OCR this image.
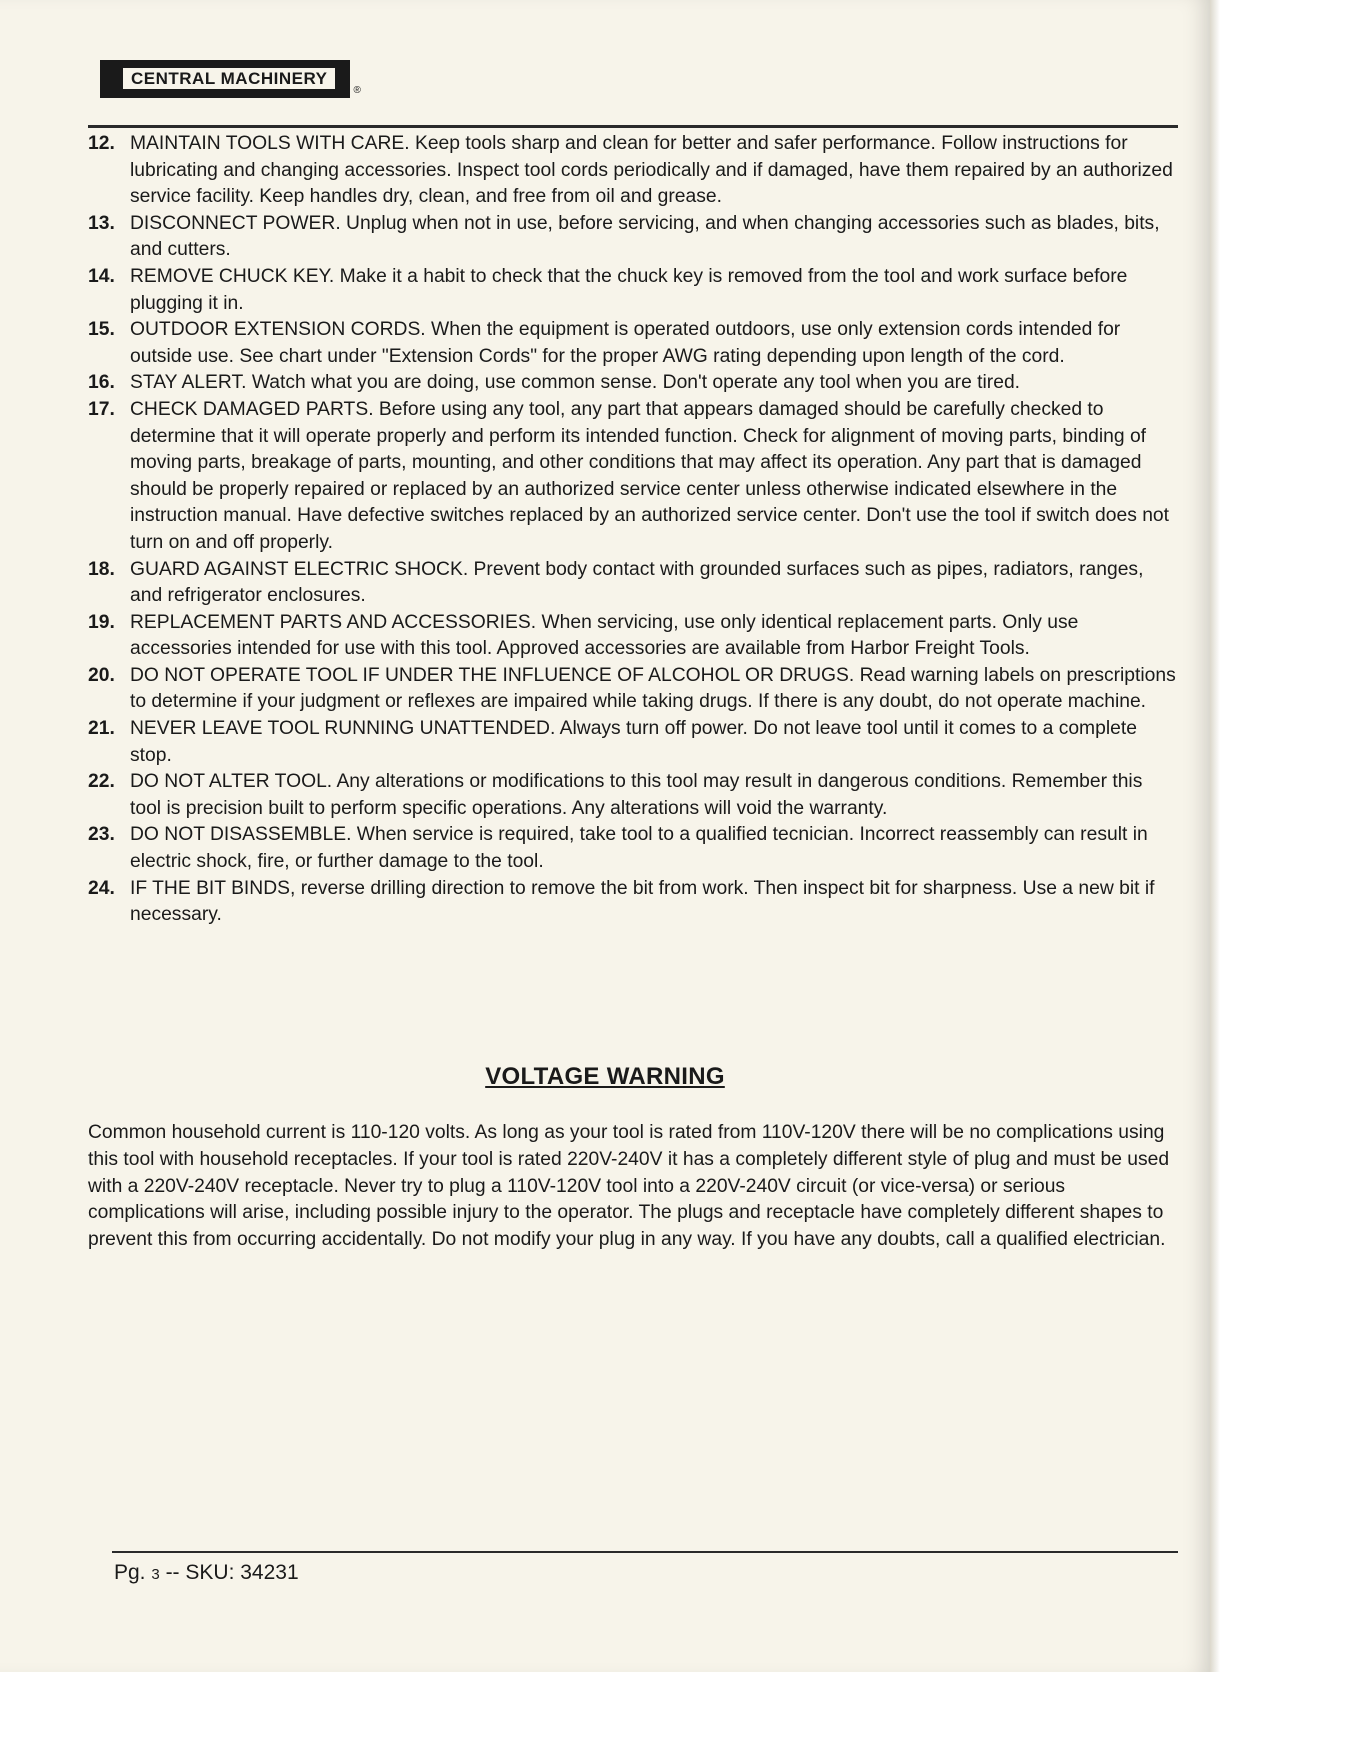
CENTRAL MACHINERY
®
12. MAINTAIN TOOLS WITH CARE. Keep tools sharp and clean for better and safer performance. Follow instructions for lubricating and changing accessories. Inspect tool cords periodically and if damaged, have them repaired by an authorized service facility. Keep handles dry, clean, and free from oil and grease.
13. DISCONNECT POWER. Unplug when not in use, before servicing, and when changing accessories such as blades, bits, and cutters.
14. REMOVE CHUCK KEY. Make it a habit to check that the chuck key is removed from the tool and work surface before plugging it in.
15. OUTDOOR EXTENSION CORDS. When the equipment is operated outdoors, use only extension cords intended for outside use. See chart under "Extension Cords" for the proper AWG rating depending upon length of the cord.
16. STAY ALERT. Watch what you are doing, use common sense. Don't operate any tool when you are tired.
17. CHECK DAMAGED PARTS. Before using any tool, any part that appears damaged should be carefully checked to determine that it will operate properly and perform its intended function. Check for alignment of moving parts, binding of moving parts, breakage of parts, mounting, and other conditions that may affect its operation. Any part that is damaged should be properly repaired or replaced by an authorized service center unless otherwise indicated elsewhere in the instruction manual. Have defective switches replaced by an authorized service center. Don't use the tool if switch does not turn on and off properly.
18. GUARD AGAINST ELECTRIC SHOCK. Prevent body contact with grounded surfaces such as pipes, radiators, ranges, and refrigerator enclosures.
19. REPLACEMENT PARTS AND ACCESSORIES. When servicing, use only identical replacement parts. Only use accessories intended for use with this tool. Approved accessories are available from Harbor Freight Tools.
20. DO NOT OPERATE TOOL IF UNDER THE INFLUENCE OF ALCOHOL OR DRUGS. Read warning labels on prescriptions to determine if your judgment or reflexes are impaired while taking drugs. If there is any doubt, do not operate machine.
21. NEVER LEAVE TOOL RUNNING UNATTENDED. Always turn off power. Do not leave tool until it comes to a complete stop.
22. DO NOT ALTER TOOL. Any alterations or modifications to this tool may result in dangerous conditions. Remember this tool is precision built to perform specific operations. Any alterations will void the warranty.
23. DO NOT DISASSEMBLE. When service is required, take tool to a qualified tecnician. Incorrect reassembly can result in electric shock, fire, or further damage to the tool.
24. IF THE BIT BINDS, reverse drilling direction to remove the bit from work. Then inspect bit for sharpness. Use a new bit if necessary.
VOLTAGE WARNING

Common household current is 110-120 volts. As long as your tool is rated from 110V-120V there will be no complications using this tool with household receptacles. If your tool is rated 220V-240V it has a completely different style of plug and must be used with a 220V-240V receptacle. Never try to plug a 110V-120V tool into a 220V-240V circuit (or vice-versa) or serious complications will arise, including possible injury to the operator. The plugs and receptacle have completely different shapes to prevent this from occurring accidentally. Do not modify your plug in any way. If you have any doubts, call a qualified electrician.

Pg. 3 -- SKU: 34231
